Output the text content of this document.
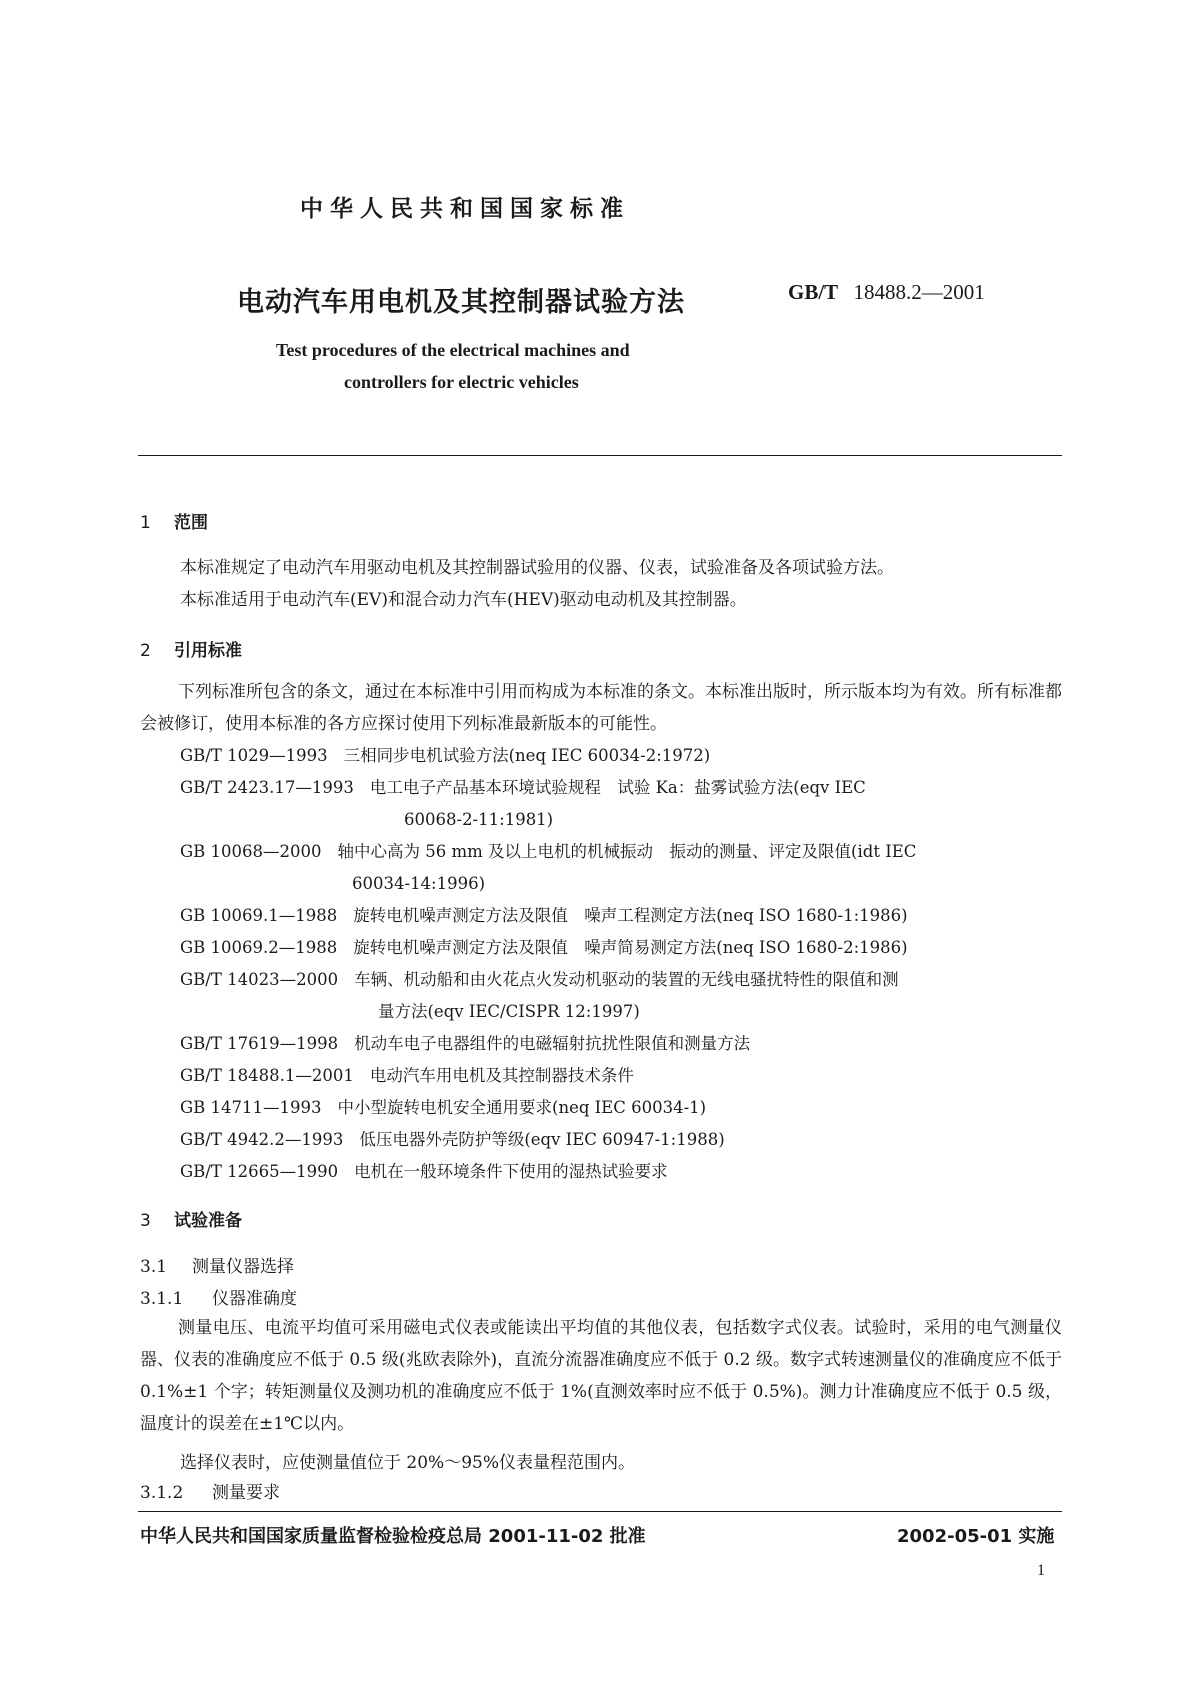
中华人民共和国国家标准
电动汽车用电机及其控制器试验方法	GB/T 18488.2—2001
Test procedures of the electrical machines and
controllers for electric vehicles
1 范围
本标准规定了电动汽车用驱动电机及其控制器试验用的仪器、仪表，试验准备及各项试验方法。
本标准适用于电动汽车(EV)和混合动力汽车(HEV)驱动电动机及其控制器。
2 引用标准
下列标准所包含的条文，通过在本标准中引用而构成为本标准的条文。本标准出版时，所示版本均为有效。所有标准都会被修订，使用本标准的各方应探讨使用下列标准最新版本的可能性。
GB/T 1029—1993 三相同步电机试验方法(neq IEC 60034-2:1972)
GB/T 2423.17—1993 电工电子产品基本环境试验规程　试验 Ka：盐雾试验方法(eqv IEC
60068-2-11:1981)
GB 10068—2000 轴中心高为 56 mm 及以上电机的机械振动　振动的测量、评定及限值(idt IEC
60034-14:1996)
GB 10069.1—1988 旋转电机噪声测定方法及限值　噪声工程测定方法(neq ISO 1680-1:1986)
GB 10069.2—1988 旋转电机噪声测定方法及限值　噪声简易测定方法(neq ISO 1680-2:1986)
GB/T 14023—2000 车辆、机动船和由火花点火发动机驱动的装置的无线电骚扰特性的限值和测
量方法(eqv IEC/CISPR 12:1997)
GB/T 17619—1998 机动车电子电器组件的电磁辐射抗扰性限值和测量方法
GB/T 18488.1—2001 电动汽车用电机及其控制器技术条件
GB 14711—1993 中小型旋转电机安全通用要求(neq IEC 60034-1)
GB/T 4942.2—1993 低压电器外壳防护等级(eqv IEC 60947-1:1988)
GB/T 12665—1990 电机在一般环境条件下使用的湿热试验要求
3 试验准备
3.1 测量仪器选择
3.1.1 仪器准确度
测量电压、电流平均值可采用磁电式仪表或能读出平均值的其他仪表，包括数字式仪表。试验时，采用的电气测量仪器、仪表的准确度应不低于 0.5 级(兆欧表除外)，直流分流器准确度应不低于 0.2 级。数字式转速测量仪的准确度应不低于 0.1%±1 个字；转矩测量仪及测功机的准确度应不低于 1%(直测效率时应不低于 0.5%)。测力计准确度应不低于 0.5 级，温度计的误差在±1℃以内。
选择仪表时，应使测量值位于 20%～95%仪表量程范围内。
3.1.2 测量要求
中华人民共和国国家质量监督检验检疫总局 2001-11-02 批准	2002-05-01 实施
1
